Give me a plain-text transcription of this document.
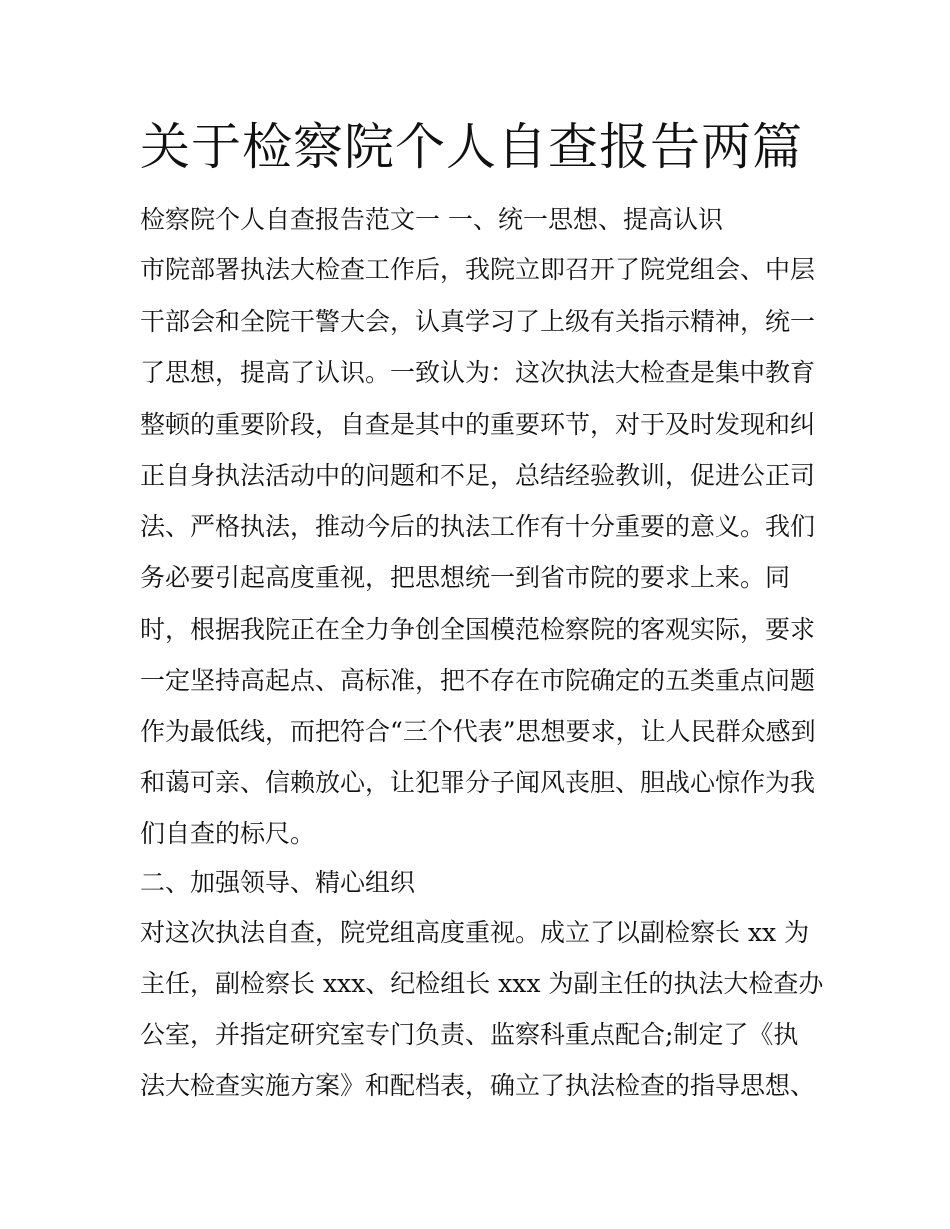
关于检察院个人自查报告两篇

检察院个人自查报告范文一 一、统一思想、提高认识

市院部署执法大检查工作后，我院立即召开了院党组会、中层

干部会和全院干警大会，认真学习了上级有关指示精神，统一

了思想，提高了认识。一致认为：这次执法大检查是集中教育

整顿的重要阶段，自查是其中的重要环节，对于及时发现和纠

正自身执法活动中的问题和不足，总结经验教训，促进公正司

法、严格执法，推动今后的执法工作有十分重要的意义。我们

务必要引起高度重视，把思想统一到省市院的要求上来。同

时，根据我院正在全力争创全国模范检察院的客观实际，要求

一定坚持高起点、高标准，把不存在市院确定的五类重点问题

作为最低线，而把符合“三个代表”思想要求，让人民群众感到

和蔼可亲、信赖放心，让犯罪分子闻风丧胆、胆战心惊作为我

们自查的标尺。

二、加强领导、精心组织

对这次执法自查，院党组高度重视。成立了以副检察长 xx 为

主任，副检察长 xxx、纪检组长 xxx 为副主任的执法大检查办

公室，并指定研究室专门负责、监察科重点配合;制定了《执

法大检查实施方案》和配档表，确立了执法检查的指导思想、
